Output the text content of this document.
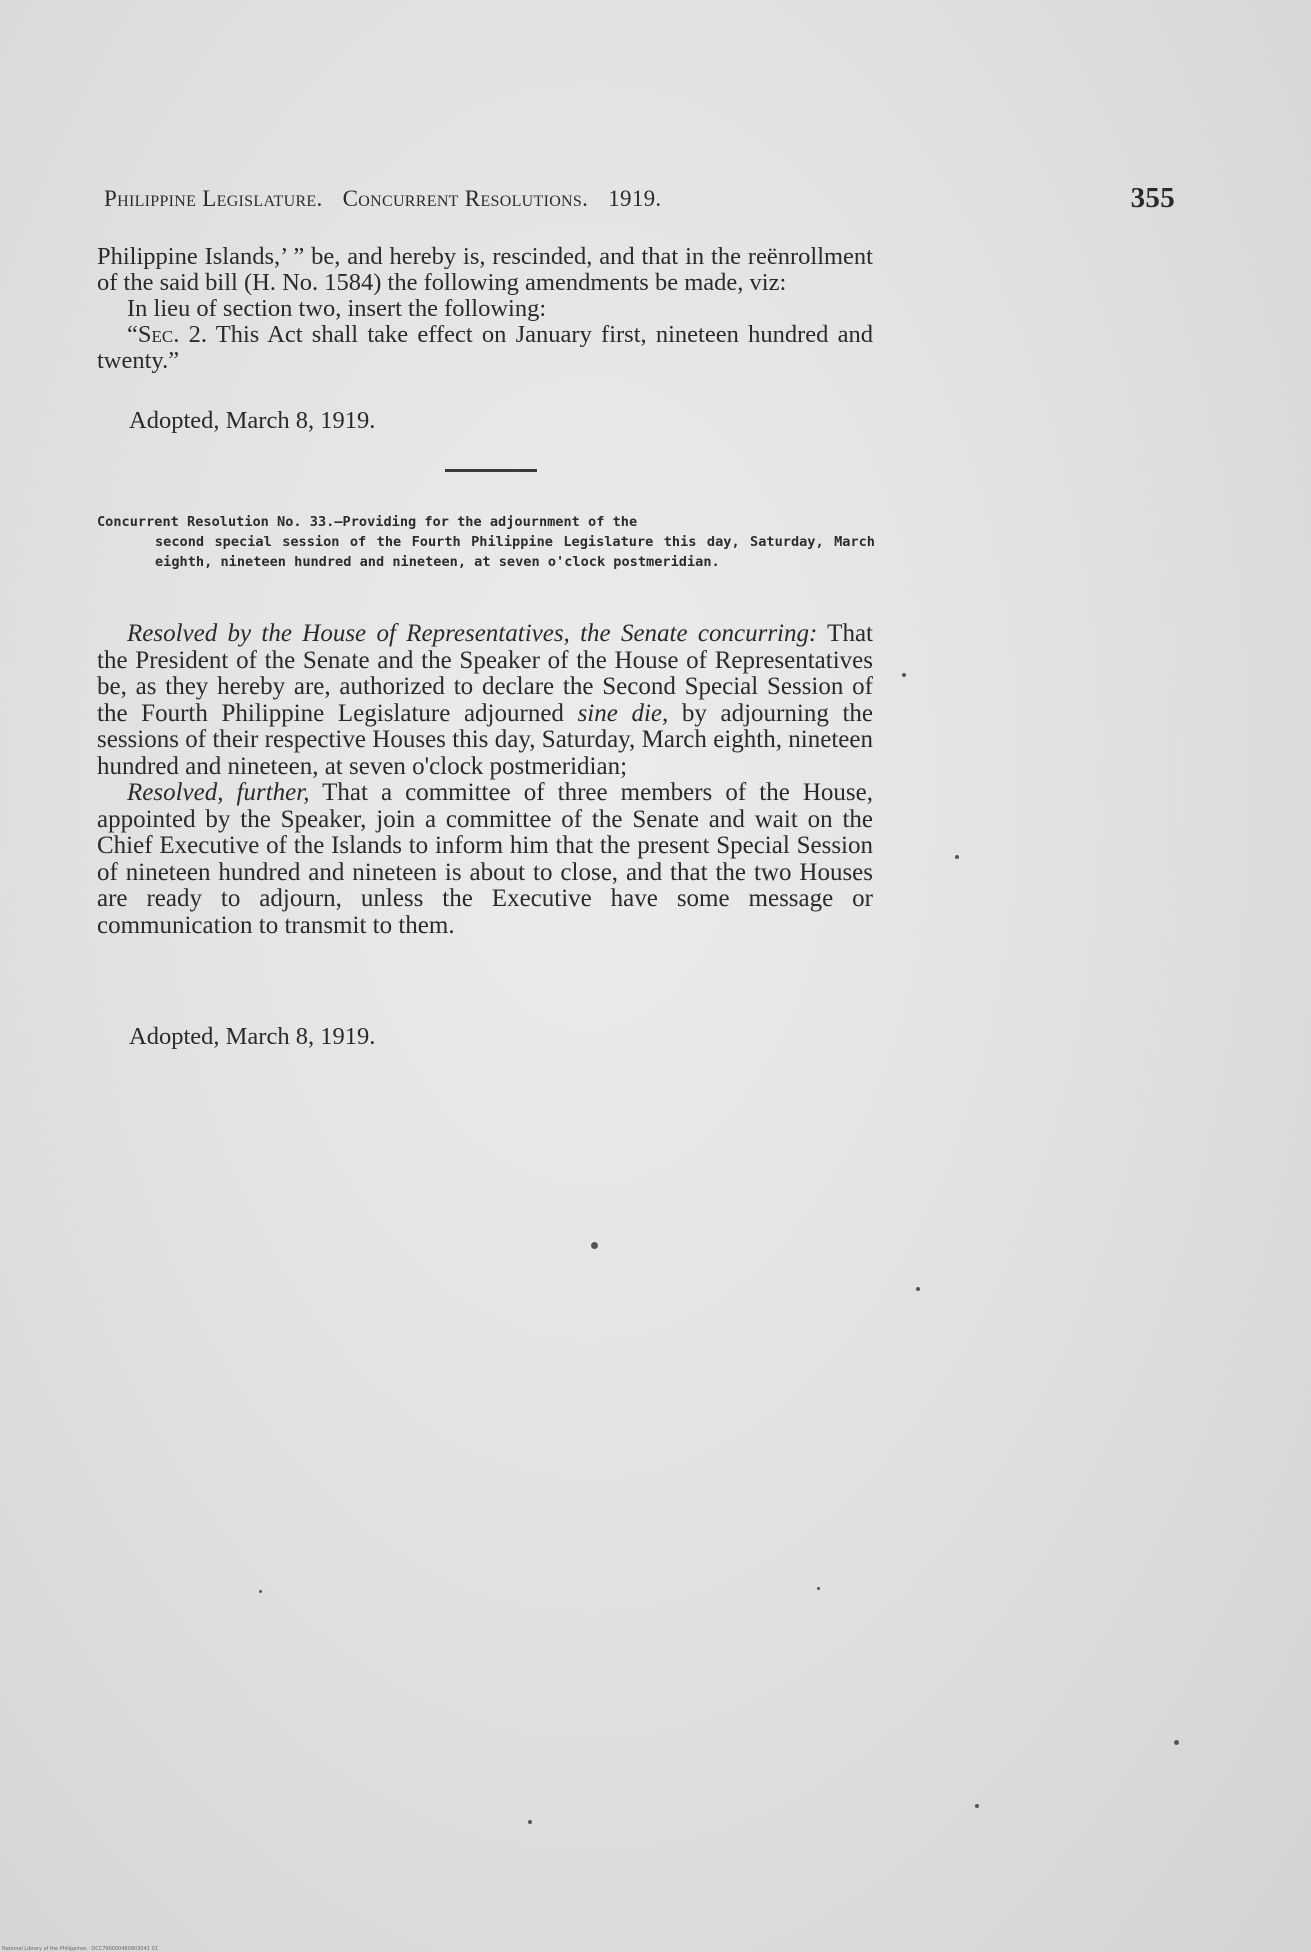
Philippine Legislature. Concurrent Resolutions. 1919.	355

Philippine Islands,’ ” be, and hereby is, rescinded, and that in the reënrollment of the said bill (H. No. 1584) the following amendments be made, viz:

In lieu of section two, insert the following:

“Sec. 2. This Act shall take effect on January first, nineteen hundred and twenty.”

Adopted, March 8, 1919.
Concurrent Resolution No. 33.—Providing for the adjournment of the
second special session of the Fourth Philippine Legislature this day, Saturday, March eighth, nineteen hundred and nineteen, at seven o'clock postmeridian.

Resolved by the House of Representatives, the Senate concurring: That the President of the Senate and the Speaker of the House of Representatives be, as they hereby are, authorized to declare the Second Special Session of the Fourth Philippine Legislature adjourned sine die, by adjourning the sessions of their respective Houses this day, Saturday, March eighth, nineteen hundred and nineteen, at seven o'clock postmeridian;

Resolved, further, That a committee of three members of the House, appointed by the Speaker, join a committee of the Senate and wait on the Chief Executive of the Islands to inform him that the present Special Session of nineteen hundred and nineteen is about to close, and that the two Houses are ready to adjourn, unless the Executive have some message or communication to transmit to them.

Adopted, March 8, 1919.
National Library of the Philippines · DCC790000460903041 01
